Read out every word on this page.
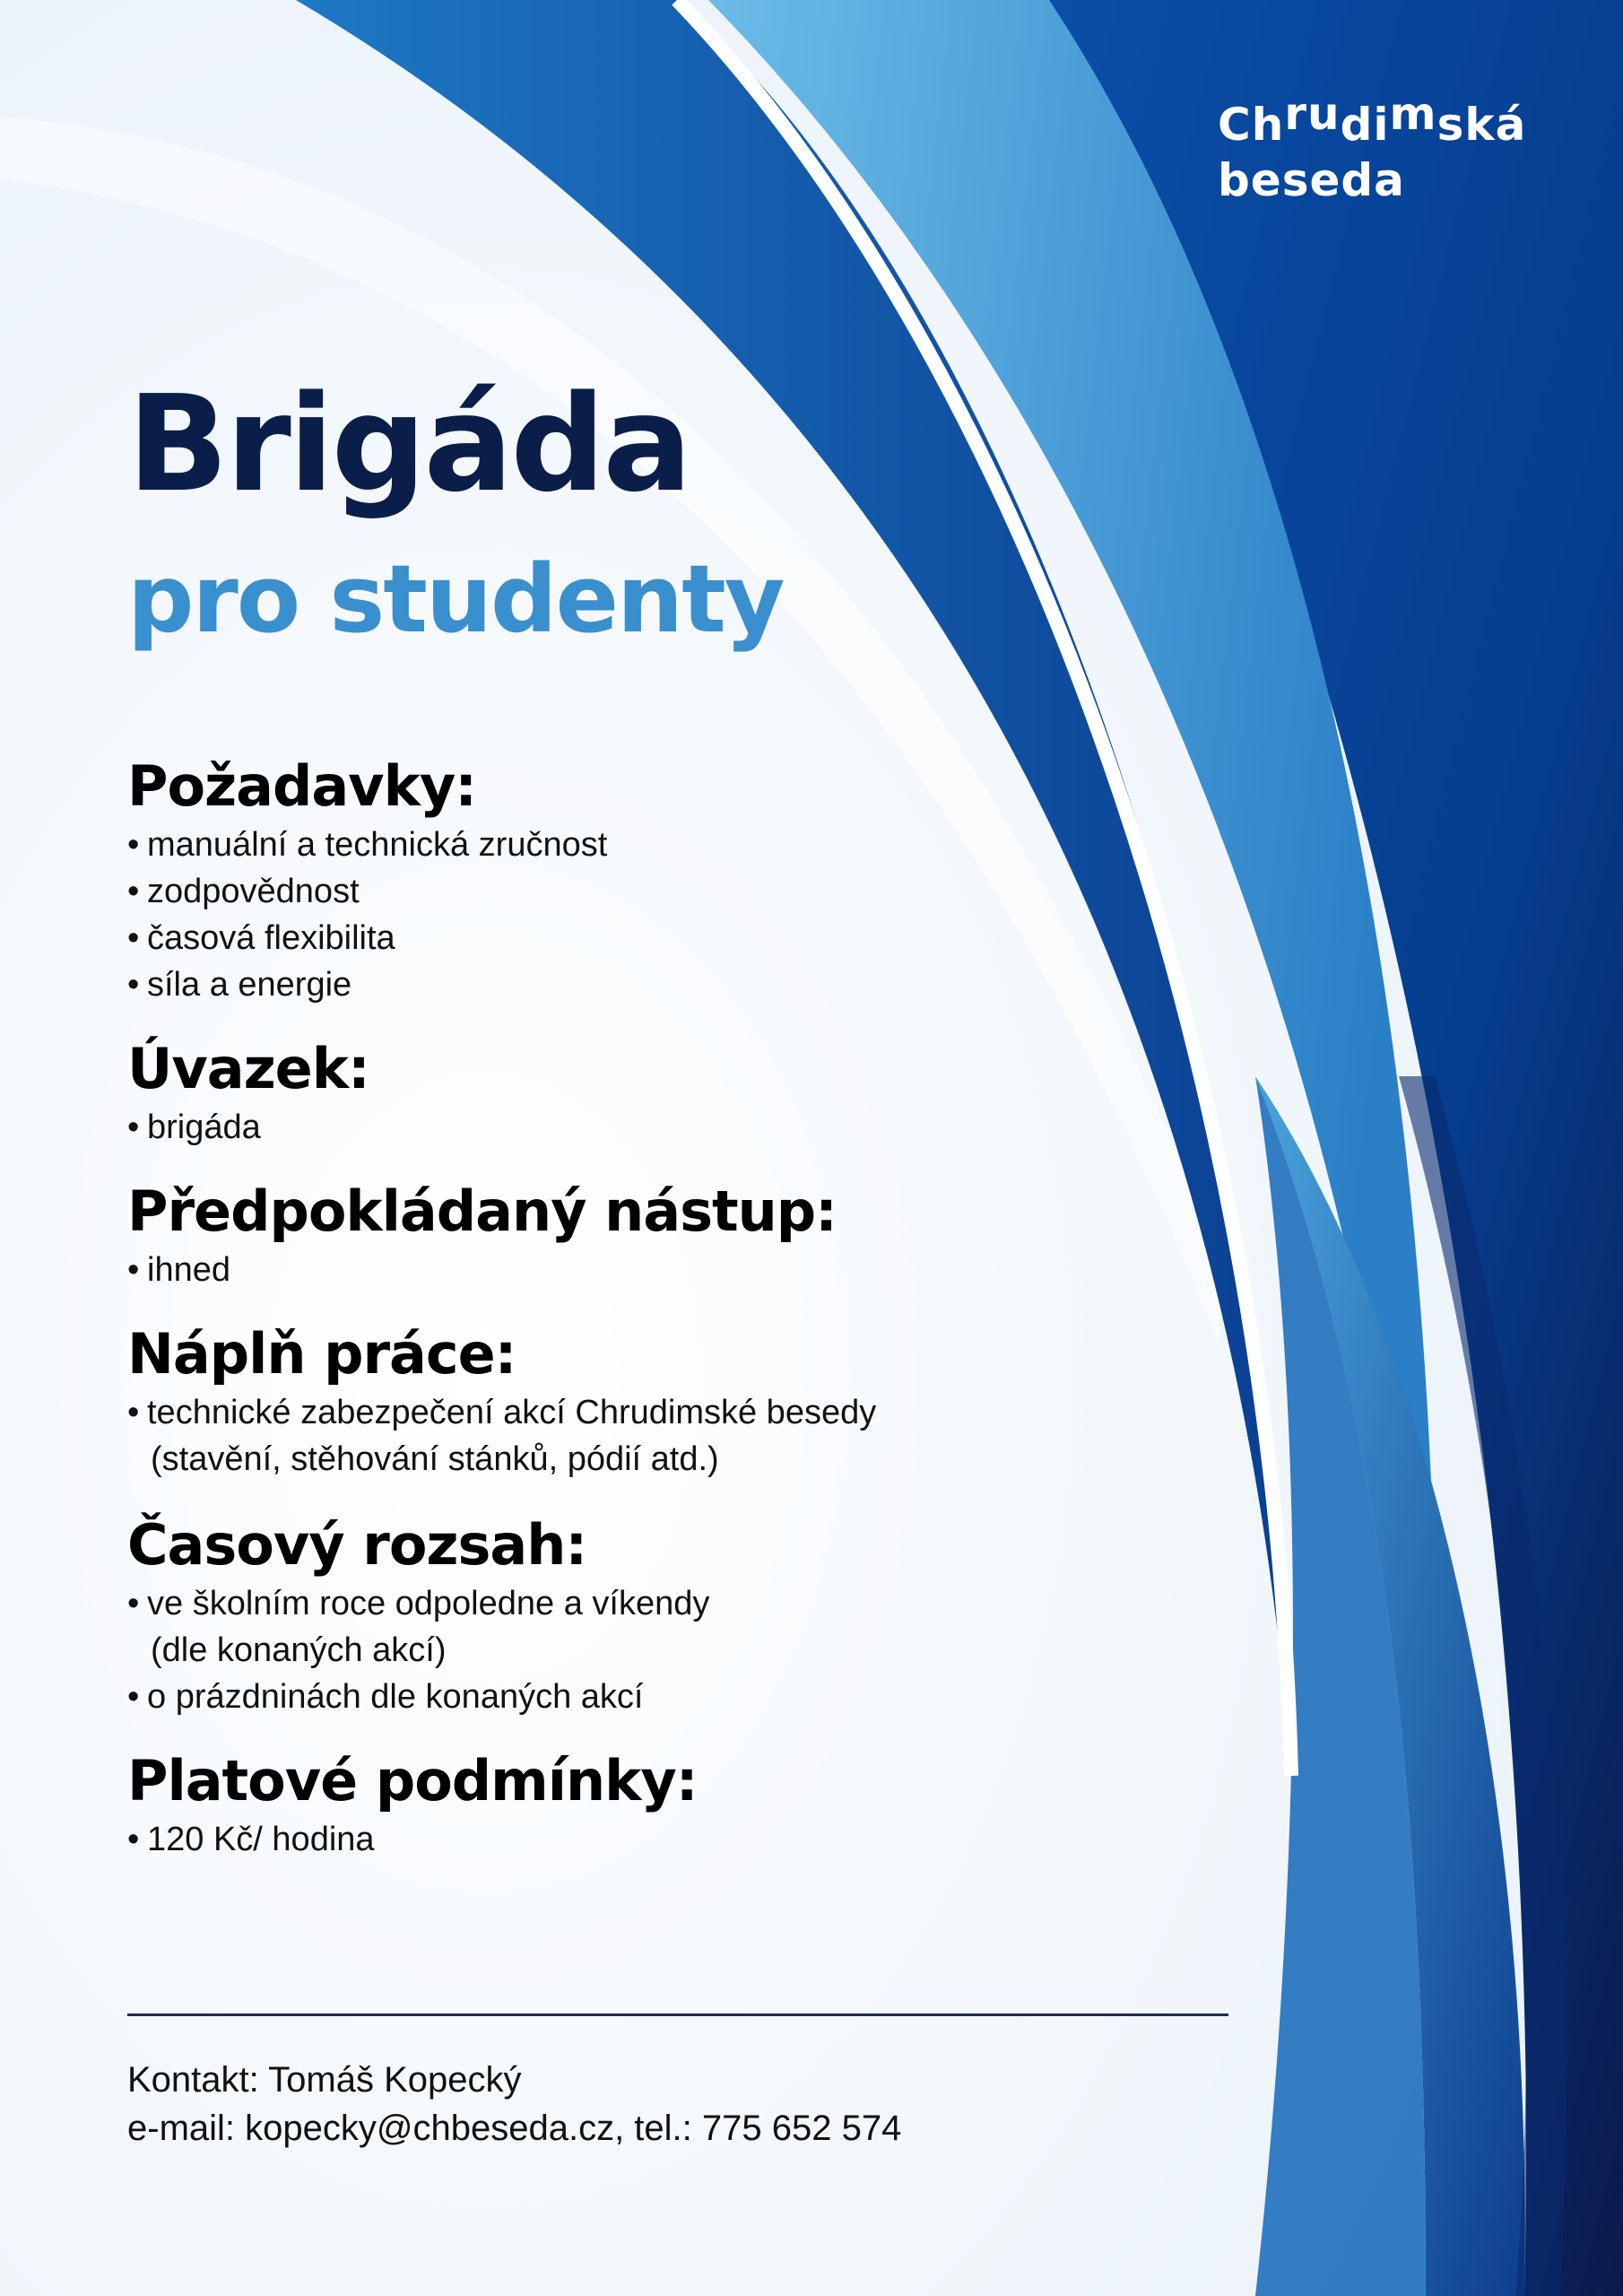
Chrudimská
beseda
Brigáda
pro studenty
Požadavky:
• manuální a technická zručnost
• zodpovědnost
• časová flexibilita
• síla a energie
Úvazek:
• brigáda
Předpokládaný nástup:
• ihned
Náplň práce:
• technické zabezpečení akcí Chrudimské besedy
(stavění, stěhování stánků, pódií atd.)
Časový rozsah:
• ve školním roce odpoledne a víkendy
(dle konaných akcí)
• o prázdninách dle konaných akcí
Platové podmínky:
• 120 Kč/ hodina
Kontakt: Tomáš Kopecký
e-mail: kopecky@chbeseda.cz, tel.: 775 652 574
